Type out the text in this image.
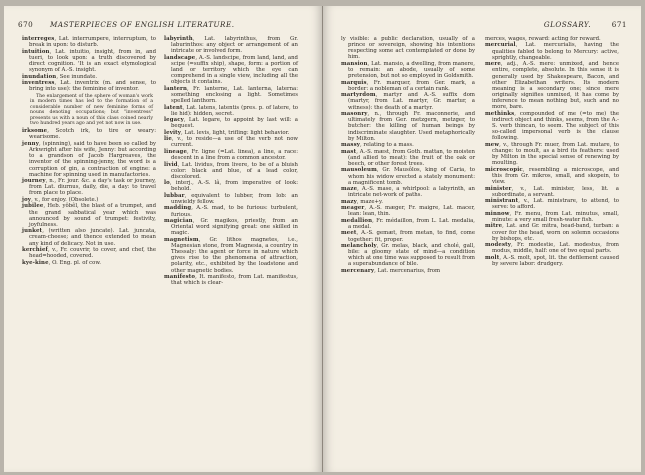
670 MASTERPIECES OF ENGLISH LITERATURE.
interreges, Lat. interrumpere, interruptum, to break in upon: to disturb.
intuition, Lat. intuitio, insight, from in, and tueri, to look upon: a truth discovered by direct cognition. 'It is an exact etymological synonym of A.-S. insight.
inundation, See inundate.
inventress, Lat. inventrix (m. and sense, to bring into use): the feminine of inventor.
The enlargement of the sphere of woman's work in modern times has led to the formation of a considerable number of new feminine forms of nouns denoting occupations; but "inventress" presents us with a noun of this class coined nearly two hundred years ago and yet not now in use.
irksome, Scotch irk, to tire or weary: wearisome.
jenny, (spinning), said to have been so called by Arkwright after his wife, Jenny: but according to a grandson of Jacob Hargreaves, the inventor of the spinning-jenny, the word is a corruption of gin, a contraction of engine: a machine for spinning used in manufactories.
journey, n., Fr. jour. &c. a day's task or journey, from Lat. diurnus, daily, die, a day: to travel from place to place.
joy, v., for enjoy. (Obsolete.)
jubilee, Heb. yôbêl, the blast of a trumpet, and the grand sabbatical year which was announced by sound of trumpet: festivity, joyfulness.
junket, (written also juncate). Lat. juncata, cream-cheese; and thence extended to mean any kind of delicacy. Not in use.
kerchief, v., Fr. couvrir, to cover, and chef, the head=hooded, covered.
kye-kine, O. Eng. pl. of cow.
labyrinth, Lat. labyrinthus, from Gr. laburinthos: any object or arrangement of an intricate or involved form.
landscape, A.-S. landscipe, from land, land, and scipe (=suffix ship), shape, form: a portion of land or territory which the eye can comprehend in a single view, including all the objects it contains.
lantern, Fr. lanterne, Lat. lanterna, laterna: something enclosing a light. Sometimes spelled lanthorn.
latent, Lat. latens, latentis (pres. p. of latere, to lie hid): hidden, secret.
legacy, Lat. legare, to appoint by last will: a bequest.
levity, Lat. levis, light, trifling: light behavior.
lie, v., to reside—a use of the verb not now current.
lineage, Fr. ligne (=Lat. linea), a line, a race: descent in a line from a common ancestor.
livid, Lat. lividus, from livere, to be of a bluish color: black and blue, of a lead color, discolored.
lo, interj., A.-S. lâ, from imperative of look: behold.
lubbar, equivalent to lubber, from lob: an unwieldy fellow.
madding, A.-S. mad, to be furious: turbulent, furious.
magician, Gr. magikos, priestly, from an Oriental word signifying great: one skilled in magic.
magnetism, Gr. lithos magnetes, i.e., Magnesian stone, from Magnesia, a country in Thessaly: the agent or force in nature which gives rise to the phenomena of attraction, polarity, etc., exhibited by the loadstone and other magnetic bodies.
manifesto, It. manifesto, from Lat. manifestus, that which is clear-
GLOSSARY.	671
ly visible: a public declaration, usually of a prince or sovereign, showing his intentions respecting some act contemplated or done by him.
mansion, Lat. mansio, a dwelling, from manere, to remain: an abode, usually of some pretension, but not so employed in Goldsmith.
marquis, Fr. marquer, from Ger. mark, a border: a nobleman of a certain rank.
martyrdom, martyr and A.-S. suffix dom (martyr, from Lat. martyr, Gr. martur, a witness): the death of a martyr.
masonry, n., through Fr. maconnerie, and ultimately from Ger. metzgern, metzger, to butcher: the killing of human beings by indiscriminate slaughter. Used metaphorically by Milton.
massy, relating to a mass.
mast, A.-S. mæst, from Goth. mattan, to moisten (and allied to meat): the fruit of the oak or beech, or other forest trees.
mausoleum, Gr. Mausôlos, king of Caria, to whom his widow erected a stately monument: a magnificent tomb.
maze, A.-S. mase, a whirlpool: a labyrinth, an intricate net-work of paths.
mazy, maze+y.
meager, A.-S. mæger, Fr. maigre, Lat. macer, lean: lean, thin.
medallion, Fr. médaillon, from L. Lat. medalia, a medal.
meet, A.-S. gemæt, from metan, to find, come together: fit, proper.
melancholy, Gr. melas, black, and cholé, gall, bile: a gloomy state of mind—a condition which at one time was supposed to result from a superabundance of bile.
mercenary, Lat. mercenarius, from
merces, wages, reward: acting for reward.
mercurial, Lat. mercurialis, having the qualities fabled to belong to Mercury: active, sprightly, changeable.
mere, adj., A.-S. mere: unmixed, and hence entire, complete, absolute. In this sense it is generally used by Shakespeare, Bacon, and other Elizabethan writers. Its modern meaning is a secondary one; since mere originally signifies unmixed, it has come by inference to mean nothing but, such and no more, bare.
methinks, compounded of me (=to me) the indirect object and thinks, seems, from the A.-S. verb thincan, to seem. The subject of this so-called impersonal verb is the clause following.
mew, v., through Fr. muer, from Lat. mutare, to change: to moult, as a bird its feathers: used by Milton in the special sense of renewing by moulting.
microscopic, resembling a microscope, and this from Gr. mikros, small, and skopein, to view.
minister, v., Lat. minister, less, lit. a subordinate, a servant.
ministrant, v., Lat. ministrare, to attend, to serve: to afford.
minnow, Fr. menu, from Lat. minutus, small, minute: a very small fresh-water fish.
mitre, Lat. and Gr. mitra, head-band, turban: a cover for the head, worn on solemn occasions by bishops, etc.
modesty, Fr. modestie, Lat. modestus, from modus, middle, half: one of two equal parts.
molt, A.-S. molt, spot, lit. the defilement caused by severe labor: drudgery.
